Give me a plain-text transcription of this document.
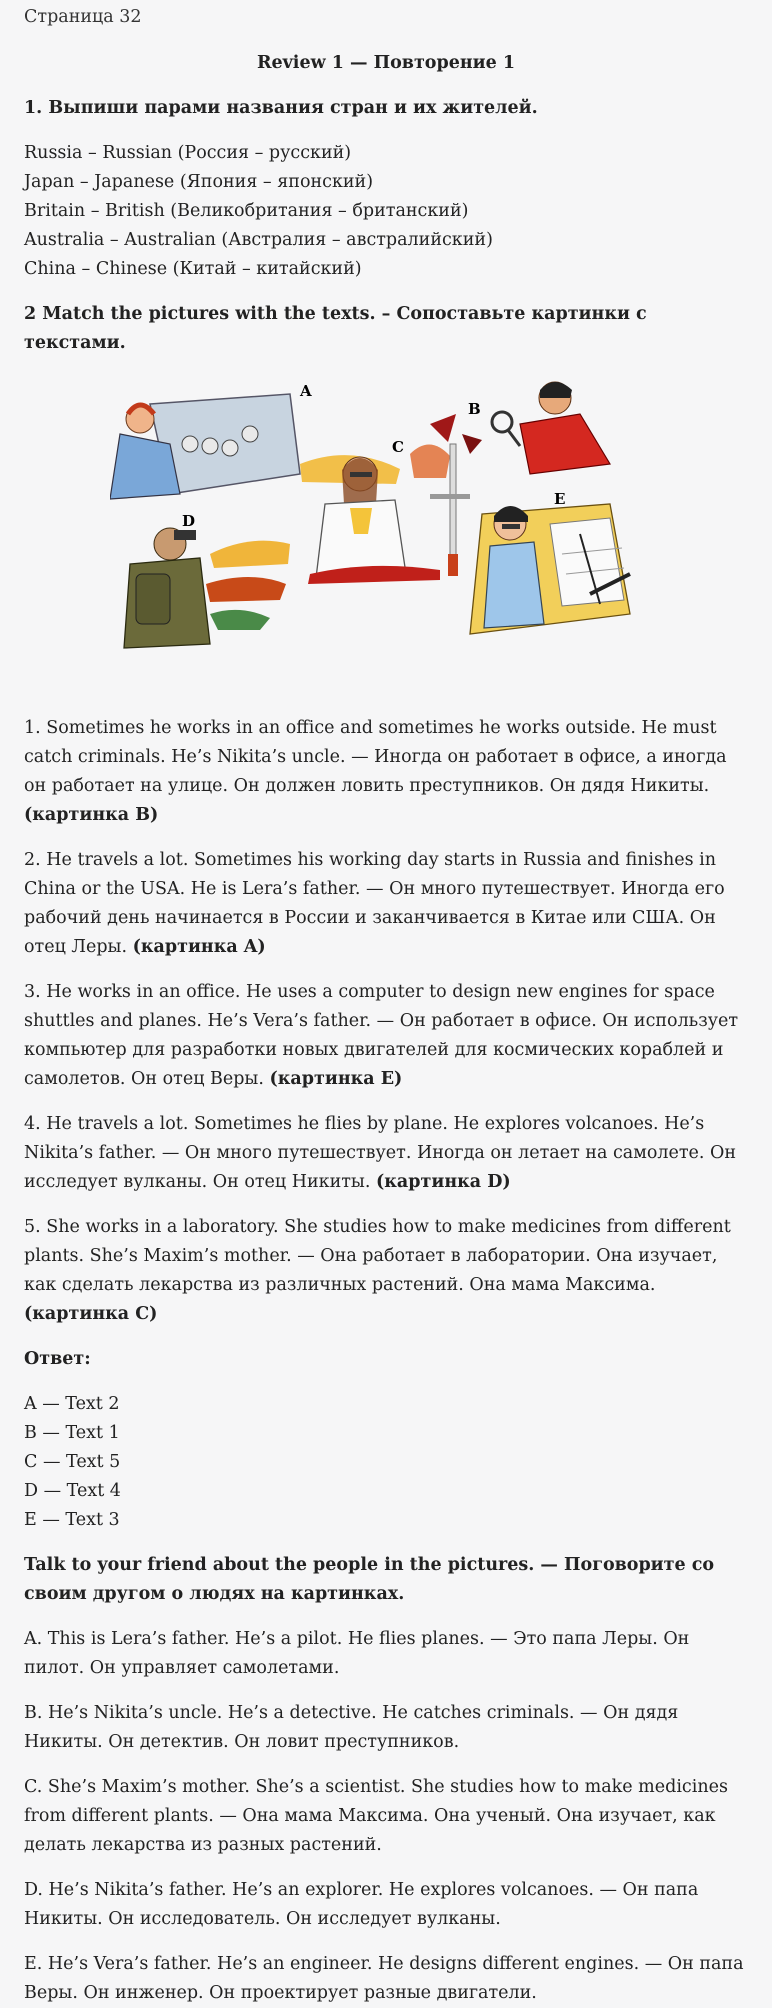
Страница 32
Review 1 — Повторение 1
1. Выпиши парами названия стран и их жителей.
Russia – Russian (Россия – русский)
Japan – Japanese (Япония – японский)
Britain – British (Великобритания – британский)
Australia – Australian (Австралия – австралийский)
China – Chinese (Китай – китайский)
2 Match the pictures with the texts. – Сопоставьте картинки с текстами.
A
B
C
D
E

1. Sometimes he works in an office and sometimes he works outside. He must catch criminals. He’s Nikita’s uncle. — Иногда он работает в офисе, а иногда он работает на улице. Он должен ловить преступников. Он дядя Никиты. (картинка B)

2. He travels a lot. Sometimes his working day starts in Russia and finishes in China or the USA. He is Lera’s father. — Он много путешествует. Иногда его рабочий день начинается в России и заканчивается в Китае или США. Он отец Леры. (картинка A)

3. He works in an office. He uses a computer to design new engines for space shuttles and planes. He’s Vera’s father. — Он работает в офисе. Он использует компьютер для разработки новых двигателей для космических кораблей и самолетов. Он отец Веры. (картинка E)

4. He travels a lot. Sometimes he flies by plane. He explores volcanoes. He’s Nikita’s father. — Он много путешествует. Иногда он летает на самолете. Он исследует вулканы. Он отец Никиты. (картинка D)

5. She works in a laboratory. She studies how to make medicines from different plants. She’s Maxim’s mother. — Она работает в лаборатории. Она изучает, как сделать лекарства из различных растений. Она мама Максима. (картинка C)

Ответ:
A — Text 2
B — Text 1
C — Text 5
D — Text 4
E — Text 3
Talk to your friend about the people in the pictures. — Поговорите со своим другом о людях на картинках.

A. This is Lera’s father. He’s a pilot. He flies planes. — Это папа Леры. Он пилот. Он управляет самолетами.

B. He’s Nikita’s uncle. He’s a detective. He catches criminals. — Он дядя Никиты. Он детектив. Он ловит преступников.

C. She’s Maxim’s mother. She’s a scientist. She studies how to make medicines from different plants. — Она мама Максима. Она ученый. Она изучает, как делать лекарства из разных растений.

D. He’s Nikita’s father. He’s an explorer. He explores volcanoes. — Он папа Никиты. Он исследователь. Он исследует вулканы.

E. He’s Vera’s father. He’s an engineer. He designs different engines. — Он папа Веры. Он инженер. Он проектирует разные двигатели.
